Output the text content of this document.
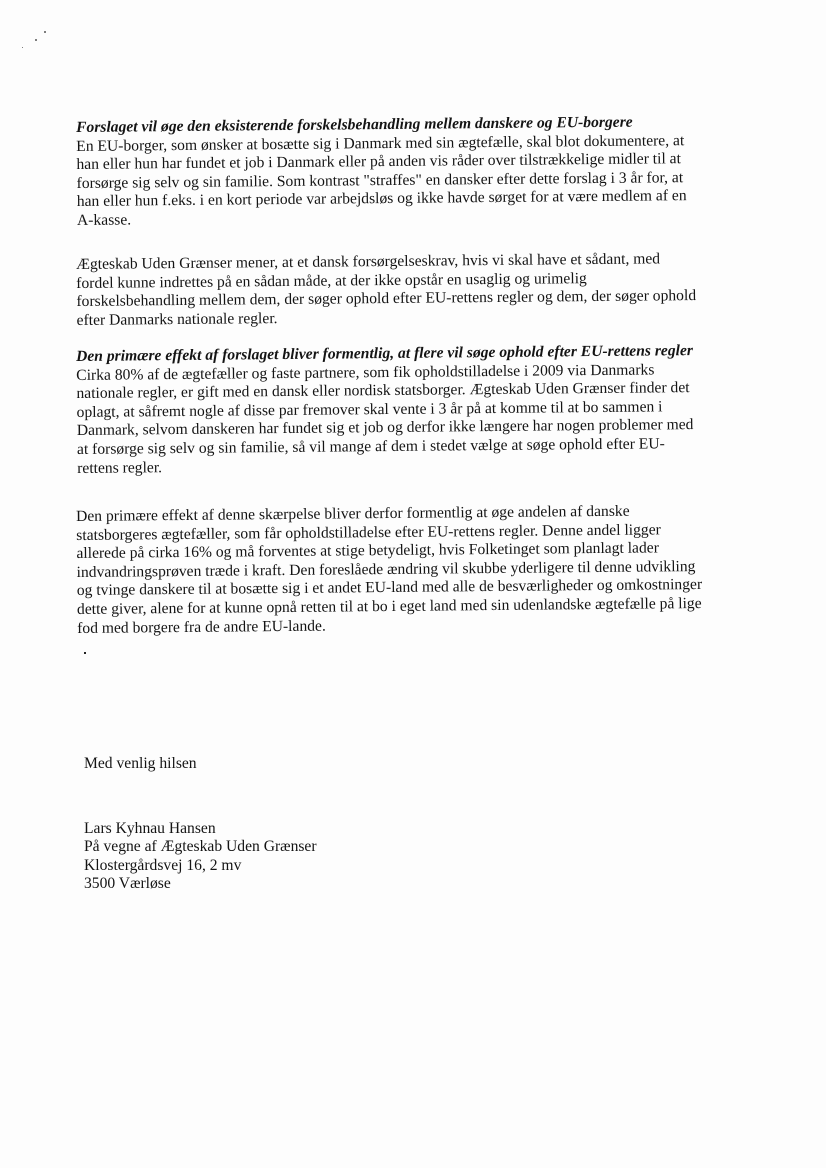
Forslaget vil øge den eksisterende forskelsbehandling mellem danskere og EU-borgere

En EU-borger, som ønsker at bosætte sig i Danmark med sin ægtefælle, skal blot dokumentere, at
han eller hun har fundet et job i Danmark eller på anden vis råder over tilstrækkelige midler til at
forsørge sig selv og sin familie. Som kontrast "straffes" en dansker efter dette forslag i 3 år for, at
han eller hun f.eks. i en kort periode var arbejdsløs og ikke havde sørget for at være medlem af en
A-kasse.

Ægteskab Uden Grænser mener, at et dansk forsørgelseskrav, hvis vi skal have et sådant, med
fordel kunne indrettes på en sådan måde, at der ikke opstår en usaglig og urimelig
forskelsbehandling mellem dem, der søger ophold efter EU-rettens regler og dem, der søger ophold
efter Danmarks nationale regler.

Den primære effekt af forslaget bliver formentlig, at flere vil søge ophold efter EU-rettens regler

Cirka 80% af de ægtefæller og faste partnere, som fik opholdstilladelse i 2009 via Danmarks
nationale regler, er gift med en dansk eller nordisk statsborger. Ægteskab Uden Grænser finder det
oplagt, at såfremt nogle af disse par fremover skal vente i 3 år på at komme til at bo sammen i
Danmark, selvom danskeren har fundet sig et job og derfor ikke længere har nogen problemer med
at forsørge sig selv og sin familie, så vil mange af dem i stedet vælge at søge ophold efter EU-
rettens regler.

Den primære effekt af denne skærpelse bliver derfor formentlig at øge andelen af danske
statsborgeres ægtefæller, som får opholdstilladelse efter EU-rettens regler. Denne andel ligger
allerede på cirka 16% og må forventes at stige betydeligt, hvis Folketinget som planlagt lader
indvandringsprøven træde i kraft. Den foreslåede ændring vil skubbe yderligere til denne udvikling
og tvinge danskere til at bosætte sig i et andet EU-land med alle de besværligheder og omkostninger
dette giver, alene for at kunne opnå retten til at bo i eget land med sin udenlandske ægtefælle på lige
fod med borgere fra de andre EU-lande.

Med venlig hilsen
Lars Kyhnau Hansen
På vegne af Ægteskab Uden Grænser
Klostergårdsvej 16, 2 mv
3500 Værløse
